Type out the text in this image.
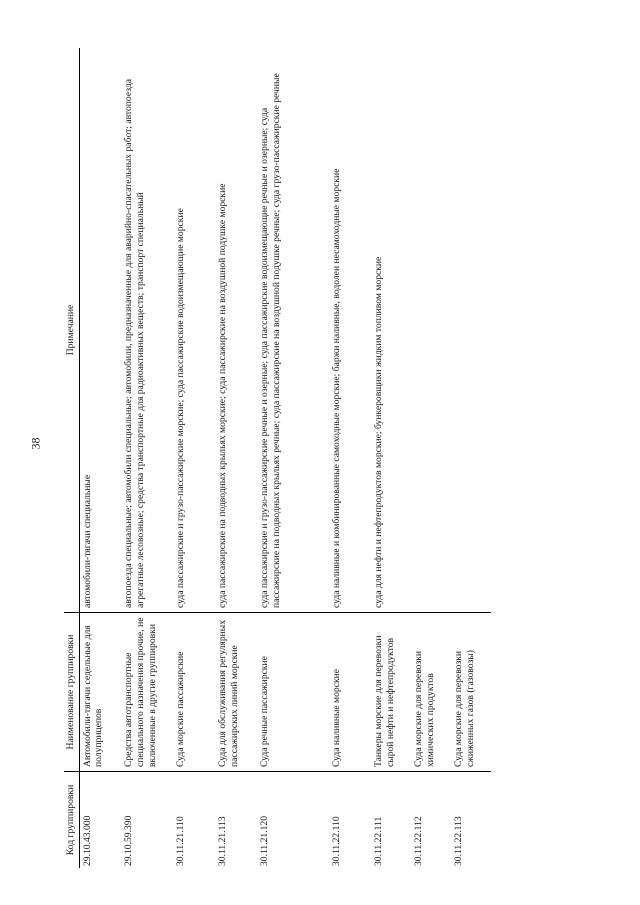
38
Код группировки	Наименование группировки	Примечание
29.10.43.000	Автомобили-тягачи седельные для полуприцепов	автомобили-тягачи специальные
29.10.59.390	Средства автотранспортные специального назначения прочие, не включенные в другие группировки	автопоезда специальные; автомобили специальные; автомобили, предназначенные для аварийно-спасательных работ; автопоезда агрегатные лесовозные; средства транспортные для радиоактивных веществ; транспорт специальный
30.11.21.110	Суда морские пассажирские	суда пассажирские и грузо-пассажирские морские; суда пассажирские водоизмещающие морские
30.11.21.113	Суда для обслуживания регулярных пассажирских линий морские	суда пассажирские на подводных крыльях морские; суда пассажирские на воздушной подушке морские
30.11.21.120	Суда речные пассажирские	суда пассажирские и грузо-пассажирские речные и озерные; суда пассажирские водоизмещающие речные и озерные; суда пассажирские на подводных крыльях речные; суда пассажирские на воздушной подушке речные; суда грузо-пассажирские речные
30.11.22.110	Суда наливные морские	суда наливные и комбинированные самоходные морские; баржи наливные, водолеи несамоходные морские
30.11.22.111	Танкеры морские для перевозки сырой нефти и нефтепродуктов	суда для нефти и нефтепродуктов морские; бункеровщики жидким топливом морские
30.11.22.112	Суда морские для перевозки химических продуктов	
30.11.22.113	Суда морские для перевозки сжиженных газов (газовозы)	
